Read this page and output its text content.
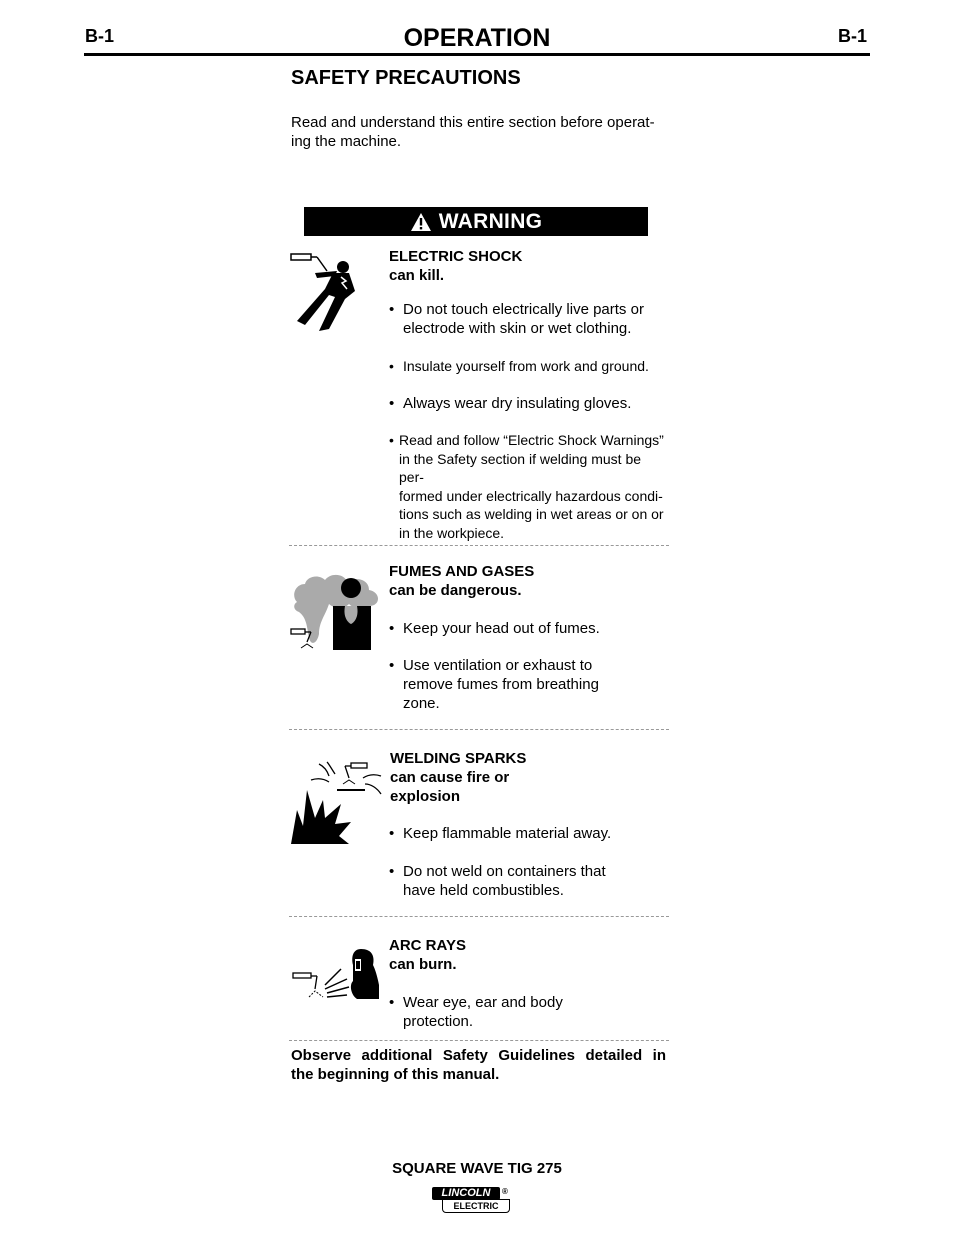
B-1	OPERATION	B-1
SAFETY PRECAUTIONS
Read and understand this entire section before operat-
ing the machine.
WARNING
ELECTRIC SHOCK
can kill.
• Do not touch electrically live parts or
electrode with skin or wet clothing.
• Insulate yourself from work and ground.
• Always wear dry insulating gloves.
• Read and follow “Electric Shock Warnings”
in the Safety section if welding must be per-
formed under electrically hazardous condi-
tions such as welding in wet areas or on or
in the workpiece.
FUMES AND GASES
can be dangerous.
• Keep your head out of fumes.
• Use ventilation or exhaust to
remove fumes from breathing
zone.
WELDING SPARKS
can cause fire or
explosion
• Keep flammable material away.
• Do not weld on containers that
have held combustibles.
ARC RAYS
can burn.
• Wear eye, ear and body
protection.
Observe additional Safety Guidelines detailed in
the beginning of this manual.
SQUARE WAVE TIG 275
LINCOLN
ELECTRIC
®
